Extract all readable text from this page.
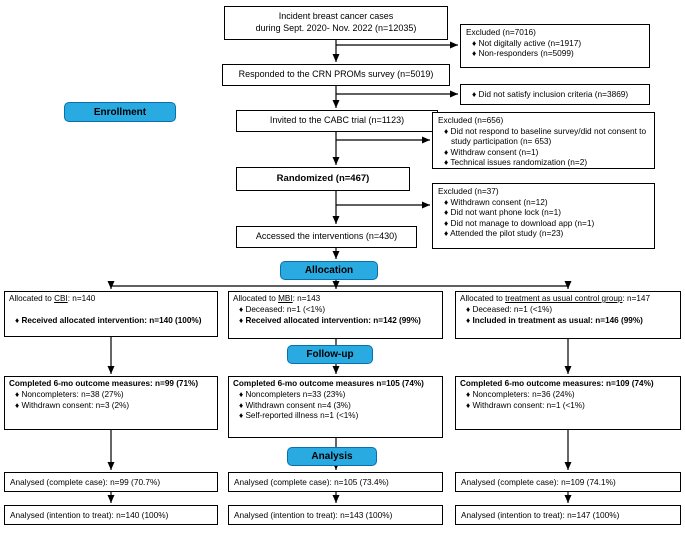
Incident breast cancer cases
during Sept. 2020- Nov. 2022 (n=12035)
Responded to the CRN PROMs survey (n=5019)
Invited to the CABC trial (n=1123)
Randomized (n=467)
Accessed the interventions (n=430)
Excluded (n=7016)
♦ Not digitally active (n=1917)
♦ Non-responders (n=5099)
♦ Did not satisfy inclusion criteria (n=3869)
Excluded (n=656)
♦ Did not respond to baseline survey/did not consent to study participation (n= 653)
♦ Withdraw consent (n=1)
♦ Technical issues randomization (n=2)
Excluded (n=37)
♦ Withdrawn consent (n=12)
♦ Did not want phone lock (n=1)
♦ Did not manage to download app (n=1)
♦ Attended the pilot study (n=23)
Enrollment
Allocation
Follow-up
Analysis
Allocated to CBI: n=140
♦ Received allocated intervention: n=140 (100%)
Allocated to MBI: n=143
♦ Deceased: n=1 (<1%)
♦ Received allocated intervention: n=142 (99%)
Allocated to treatment as usual control group: n=147
♦ Deceased: n=1 (<1%)
♦ Included in treatment as usual: n=146 (99%)
Completed 6-mo outcome measures: n=99 (71%)
♦ Noncompleters: n=38 (27%)
♦ Withdrawn consent: n=3 (2%)
Completed 6-mo outcome measures n=105 (74%)
♦ Noncompleters n=33 (23%)
♦ Withdrawn consent n=4 (3%)
♦ Self-reported illness n=1 (<1%)
Completed 6-mo outcome measures: n=109 (74%)
♦ Noncompleters: n=36 (24%)
♦ Withdrawn consent: n=1 (<1%)
Analysed (complete case): n=99 (70.7%)	Analysed (complete case): n=105 (73.4%)	Analysed (complete case): n=109 (74.1%)
Analysed (intention to treat): n=140 (100%)	Analysed (intention to treat): n=143 (100%)	Analysed (intention to treat): n=147 (100%)
